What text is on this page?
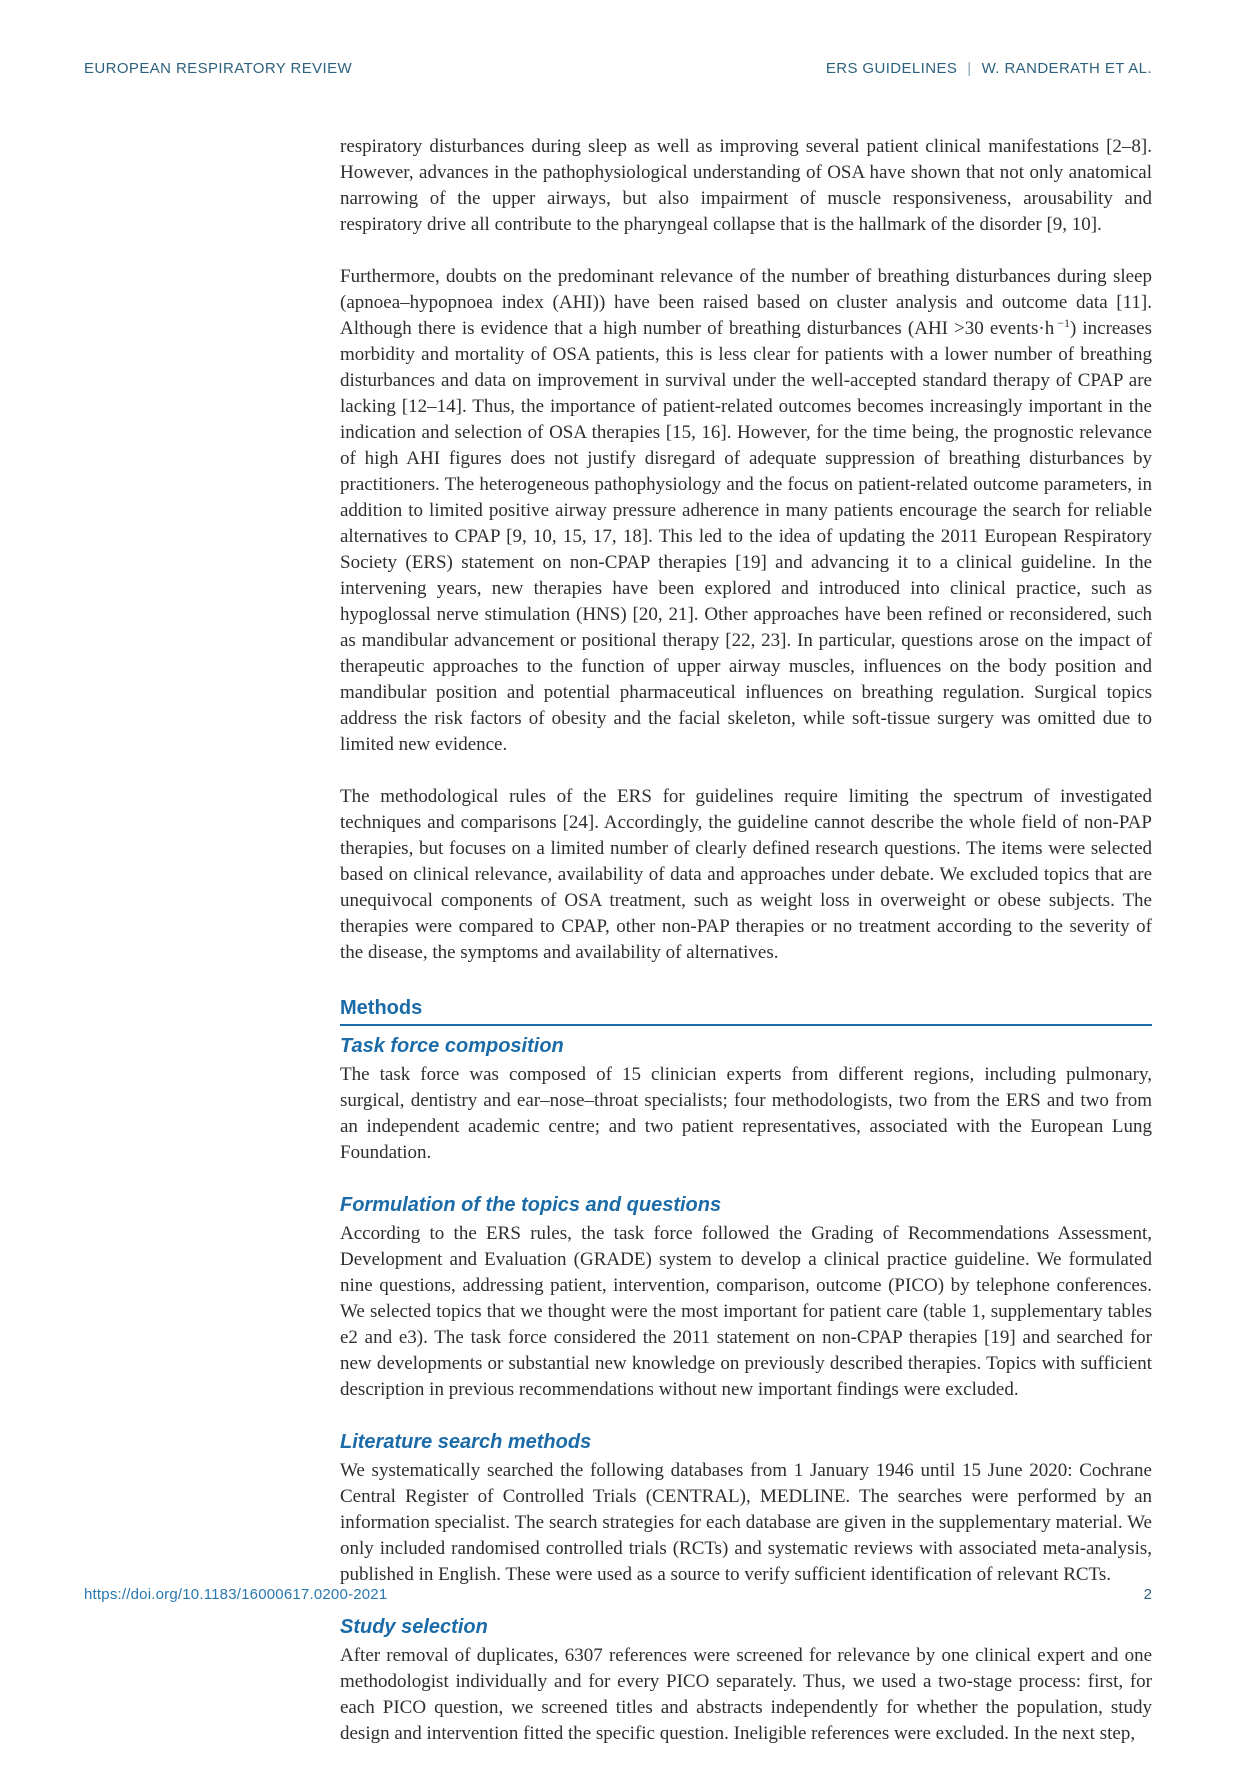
EUROPEAN RESPIRATORY REVIEW	ERS GUIDELINES | W. RANDERATH ET AL.

respiratory disturbances during sleep as well as improving several patient clinical manifestations [2–8]. However, advances in the pathophysiological understanding of OSA have shown that not only anatomical narrowing of the upper airways, but also impairment of muscle responsiveness, arousability and respiratory drive all contribute to the pharyngeal collapse that is the hallmark of the disorder [9, 10].

Furthermore, doubts on the predominant relevance of the number of breathing disturbances during sleep (apnoea–hypopnoea index (AHI)) have been raised based on cluster analysis and outcome data [11]. Although there is evidence that a high number of breathing disturbances (AHI >30 events·h $^{-1}$) increases morbidity and mortality of OSA patients, this is less clear for patients with a lower number of breathing disturbances and data on improvement in survival under the well-accepted standard therapy of CPAP are lacking [12–14]. Thus, the importance of patient-related outcomes becomes increasingly important in the indication and selection of OSA therapies [15, 16]. However, for the time being, the prognostic relevance of high AHI figures does not justify disregard of adequate suppression of breathing disturbances by practitioners. The heterogeneous pathophysiology and the focus on patient-related outcome parameters, in addition to limited positive airway pressure adherence in many patients encourage the search for reliable alternatives to CPAP [9, 10, 15, 17, 18]. This led to the idea of updating the 2011 European Respiratory Society (ERS) statement on non-CPAP therapies [19] and advancing it to a clinical guideline. In the intervening years, new therapies have been explored and introduced into clinical practice, such as hypoglossal nerve stimulation (HNS) [20, 21]. Other approaches have been refined or reconsidered, such as mandibular advancement or positional therapy [22, 23]. In particular, questions arose on the impact of therapeutic approaches to the function of upper airway muscles, influences on the body position and mandibular position and potential pharmaceutical influences on breathing regulation. Surgical topics address the risk factors of obesity and the facial skeleton, while soft-tissue surgery was omitted due to limited new evidence.

The methodological rules of the ERS for guidelines require limiting the spectrum of investigated techniques and comparisons [24]. Accordingly, the guideline cannot describe the whole field of non-PAP therapies, but focuses on a limited number of clearly defined research questions. The items were selected based on clinical relevance, availability of data and approaches under debate. We excluded topics that are unequivocal components of OSA treatment, such as weight loss in overweight or obese subjects. The therapies were compared to CPAP, other non-PAP therapies or no treatment according to the severity of the disease, the symptoms and availability of alternatives.

Methods
Task force composition

The task force was composed of 15 clinician experts from different regions, including pulmonary, surgical, dentistry and ear–nose–throat specialists; four methodologists, two from the ERS and two from an independent academic centre; and two patient representatives, associated with the European Lung Foundation.

Formulation of the topics and questions

According to the ERS rules, the task force followed the Grading of Recommendations Assessment, Development and Evaluation (GRADE) system to develop a clinical practice guideline. We formulated nine questions, addressing patient, intervention, comparison, outcome (PICO) by telephone conferences. We selected topics that we thought were the most important for patient care (table 1, supplementary tables e2 and e3). The task force considered the 2011 statement on non-CPAP therapies [19] and searched for new developments or substantial new knowledge on previously described therapies. Topics with sufficient description in previous recommendations without new important findings were excluded.

Literature search methods

We systematically searched the following databases from 1 January 1946 until 15 June 2020: Cochrane Central Register of Controlled Trials (CENTRAL), MEDLINE. The searches were performed by an information specialist. The search strategies for each database are given in the supplementary material. We only included randomised controlled trials (RCTs) and systematic reviews with associated meta-analysis, published in English. These were used as a source to verify sufficient identification of relevant RCTs.

Study selection

After removal of duplicates, 6307 references were screened for relevance by one clinical expert and one methodologist individually and for every PICO separately. Thus, we used a two-stage process: first, for each PICO question, we screened titles and abstracts independently for whether the population, study design and intervention fitted the specific question. Ineligible references were excluded. In the next step,

https://doi.org/10.1183/16000617.0200-2021	2
